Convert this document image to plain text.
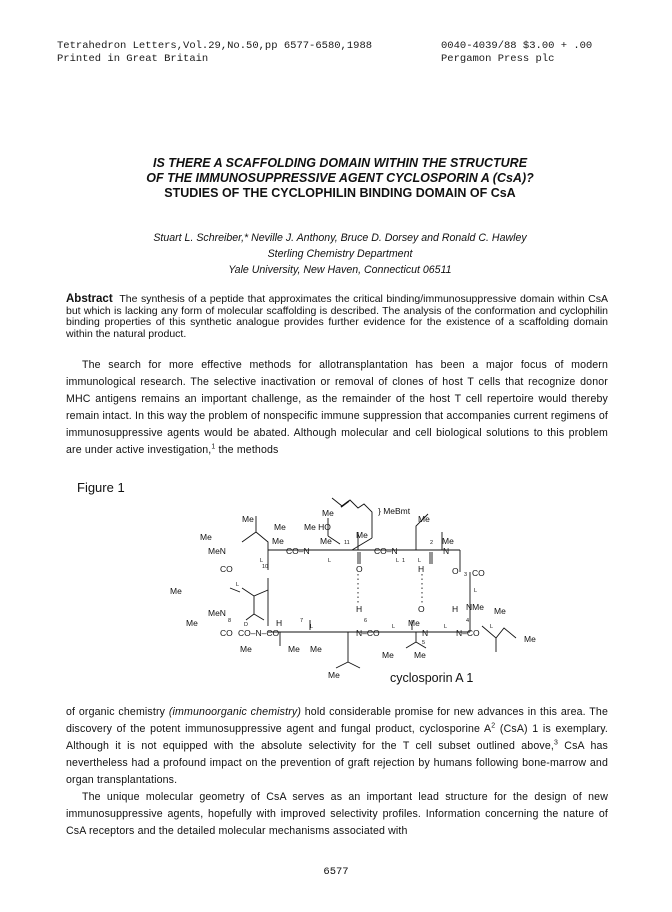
Tetrahedron Letters,Vol.29,No.50,pp 6577-6580,1988
Printed in Great Britain
0040-4039/88 $3.00 + .00
Pergamon Press plc
IS THERE A SCAFFOLDING DOMAIN WITHIN THE STRUCTURE
OF THE IMMUNOSUPPRESSIVE AGENT CYCLOSPORIN A (CsA)?
STUDIES OF THE CYCLOPHILIN BINDING DOMAIN OF CsA
Stuart L. Schreiber,* Neville J. Anthony, Bruce D. Dorsey and Ronald C. Hawley
Sterling Chemistry Department
Yale University, New Haven, Connecticut 06511
Abstract The synthesis of a peptide that approximates the critical binding/immunosuppressive domain within CsA but which is lacking any form of molecular scaffolding is described. The analysis of the conformation and cyclophilin binding properties of this synthetic analogue provides further evidence for the existence of a scaffolding domain within the natural product.
The search for more effective methods for allotransplantation has been a major focus of modern immunological research. The selective inactivation or removal of clones of host T cells that recognize donor MHC antigens remains an important challenge, as the remainder of the host T cell repertoire would thereby remain intact. In this way the problem of nonspecific immune suppression that accompanies current regimens of immunosuppressive agents would be abated. Although molecular and cell biological solutions to this problem are under active investigation,$^1$ the methods
Figure 1
Me
Me
Me	} MeBmt
Me Me HO
Me
Me
Me	Me	Me
MeN	CO–N	CO–N	N
CO	O	H	O CO
Me
Me
MeN	H	O	H NMe Me
Me
H	Me
CO CO–N–CO	N–CO	N	N–CO
Me	Me Me
Me Me
Me
L
10
L
11
L 1 L
2
3
L
L
8
D
7
L
6
L
5
L
4
L
cyclosporin A 1
of organic chemistry (immunoorganic chemistry) hold considerable promise for new advances in this area. The discovery of the potent immunosuppressive agent and fungal product, cyclosporine $A^2$ (CsA) 1 is exemplary. Although it is not equipped with the absolute selectivity for the T cell subset outlined above,$^3$ CsA has nevertheless had a profound impact on the prevention of graft rejection by humans following bone-marrow and organ transplantations.
The unique molecular geometry of CsA serves as an important lead structure for the design of new immunosuppressive agents, hopefully with improved selectivity profiles. Information concerning the nature of CsA receptors and the detailed molecular mechanisms associated with
6577
